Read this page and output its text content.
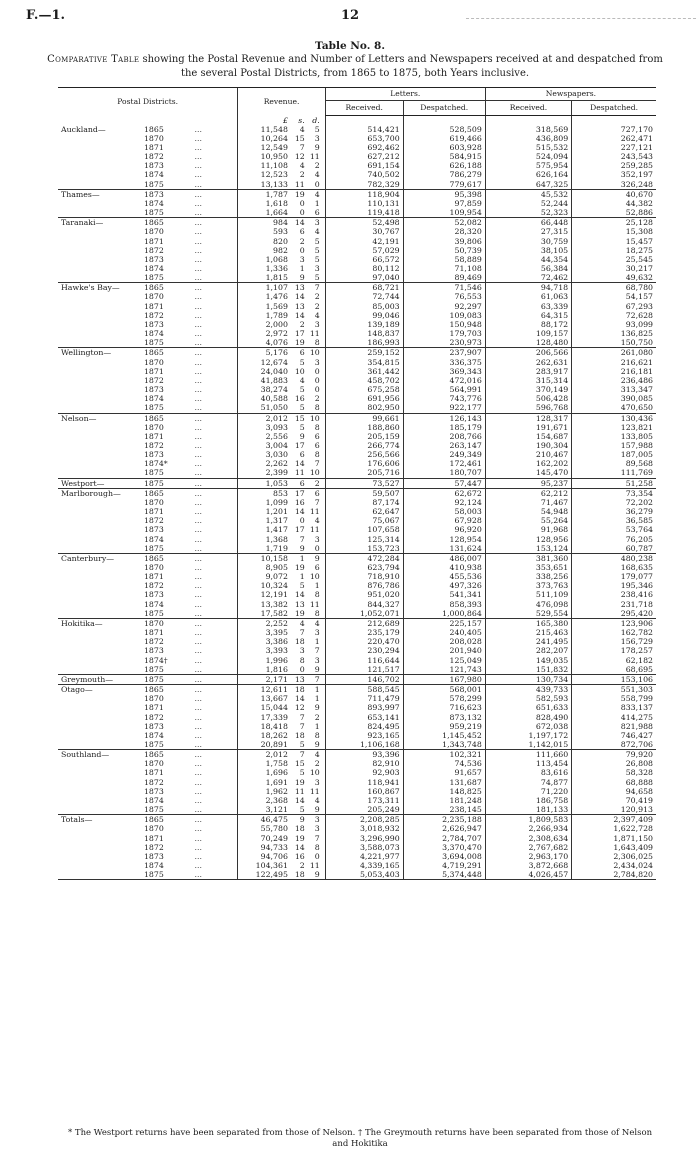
F.—1.	12
Table No. 8.
Comparative Table showing the Postal Revenue and Number of Letters and Newspapers received at and despatched from the several Postal Districts, from 1865 to 1875, both Years inclusive.
Postal Districts.				Revenue.			Letters.		Newspapers.	
							Received.	Despatched.	Received.	Despatched.
				£	s.	d.				
Auckland—		1865	...	11,548	4	5	514,421	528,509	318,569	727,170
		1870	...	10,264	15	3	653,700	619,466	436,809	262,471
		1871	...	12,549	7	9	692,462	603,928	515,532	227,121
		1872	...	10,950	12	11	627,212	584,915	524,094	243,543
		1873	...	11,108	4	2	691,154	626,188	575,954	259,285
		1874	...	12,523	2	4	740,502	786,279	626,164	352,197
		1875	...	13,133	11	0	782,329	779,617	647,325	326,248
Thames—		1873	...	1,787	19	4	118,904	95,398	45,532	40,670
		1874	...	1,618	0	1	110,131	97,859	52,244	44,382
		1875	...	1,664	0	6	119,418	109,954	52,323	52,886
Taranaki—		1865	...	984	14	3	52,498	52,082	66,448	25,128
		1870	...	593	6	4	30,767	28,320	27,315	15,308
		1871	...	820	2	5	42,191	39,806	30,759	15,457
		1872	...	982	0	5	57,029	50,739	38,105	18,275
		1873	...	1,068	3	5	66,572	58,889	44,354	25,545
		1874	...	1,336	1	3	80,112	71,108	56,384	30,217
		1875	...	1,815	9	5	97,040	89,469	72,462	49,632
Hawke's Bay—		1865	...	1,107	13	7	68,721	71,546	94,718	68,780
		1870	...	1,476	14	2	72,744	76,553	61,063	54,157
		1871	...	1,569	13	2	85,003	92,297	63,339	67,293
		1872	...	1,789	14	4	99,046	109,083	64,315	72,628
		1873	...	2,000	2	3	139,189	150,948	88,172	93,099
		1874	...	2,972	17	11	148,837	179,703	109,157	136,825
		1875	...	4,076	19	8	186,993	230,973	128,480	150,750
Wellington—		1865	...	5,176	6	10	259,152	237,907	206,566	261,080
		1870	...	12,674	5	3	354,815	336,375	262,631	216,621
		1871	...	24,040	10	0	361,442	369,343	283,917	216,181
		1872	...	41,883	4	0	458,702	472,016	315,314	236,486
		1873	...	38,274	5	0	675,258	564,991	370,149	313,347
		1874	...	40,588	16	2	691,956	743,776	506,428	390,085
		1875	...	51,050	5	8	802,950	922,177	596,768	470,650
Nelson—		1865	...	2,012	15	10	99,661	126,143	128,317	130,436
		1870	...	3,093	5	8	188,860	185,179	191,671	123,821
		1871	...	2,556	9	6	205,159	208,766	154,687	133,805
		1872	...	3,004	17	6	266,774	263,147	190,304	157,988
		1873	...	3,030	6	8	256,566	249,349	210,467	187,005
		1874*	...	2,262	14	7	176,606	172,461	162,202	89,568
		1875	...	2,399	11	10	205,716	180,707	145,470	111,769
Westport—		1875	...	1,053	6	2	73,527	57,447	95,237	51,258
Marlborough—		1865	...	853	17	6	59,507	62,672	62,212	73,354
		1870	...	1,099	16	7	87,174	92,124	71,467	72,202
		1871	...	1,201	14	11	62,647	58,003	54,948	36,279
		1872	...	1,317	0	4	75,067	67,928	55,264	36,585
		1873	...	1,417	17	11	107,658	96,920	91,968	53,764
		1874	...	1,368	7	3	125,314	128,954	128,956	76,205
		1875	...	1,719	9	0	153,723	131,624	153,124	60,787
Canterbury—		1865	...	10,158	1	9	472,284	486,007	381,360	480,238
		1870	...	8,905	19	6	623,794	410,938	353,651	168,635
		1871	...	9,072	1	10	718,910	455,536	338,256	179,077
		1872	...	10,324	5	1	876,786	497,326	373,763	195,346
		1873	...	12,191	14	8	951,020	541,341	511,109	238,416
		1874	...	13,382	13	11	844,327	858,393	476,098	231,718
		1875	...	17,582	19	8	1,052,071	1,000,864	529,554	295,420
Hokitika—		1870	...	2,252	4	4	212,689	225,157	165,380	123,906
		1871	...	3,395	7	3	235,179	240,405	215,463	162,782
		1872	...	3,386	18	1	220,470	208,028	241,495	156,729
		1873	...	3,393	3	7	230,294	201,940	282,207	178,257
		1874†	...	1,996	8	3	116,644	125,049	149,035	62,182
		1875	...	1,816	0	9	121,517	121,743	151,832	68,695
Greymouth—		1875	...	2,171	13	7	146,702	167,980	130,734	153,106
Otago—		1865	...	12,611	18	1	588,545	568,001	439,733	551,303
		1870	...	13,667	14	1	711,479	578,299	582,593	558,799
		1871	...	15,044	12	9	893,997	716,623	651,633	833,137
		1872	...	17,339	7	2	653,141	873,132	828,490	414,275
		1873	...	18,418	7	1	824,495	959,219	672,038	821,988
		1874	...	18,262	18	8	923,165	1,145,452	1,197,172	746,427
		1875	...	20,891	5	9	1,106,168	1,343,748	1,142,015	872,706
Southland—		1865	...	2,012	7	4	93,396	102,321	111,660	79,920
		1870	...	1,758	15	2	82,910	74,536	113,454	26,808
		1871	...	1,696	5	10	92,903	91,657	83,616	58,328
		1872	...	1,691	19	3	118,941	131,687	74,877	68,888
		1873	...	1,962	11	11	160,867	148,825	71,220	94,658
		1874	...	2,368	14	4	173,311	181,248	186,758	70,419
		1875	...	3,121	5	9	205,249	238,145	181,133	120,913
Totals—		1865	...	46,475	9	3	2,208,285	2,235,188	1,809,583	2,397,409
		1870	...	55,780	18	3	3,018,932	2,626,947	2,266,934	1,622,728
		1871	...	70,249	19	7	3,296,990	2,784,707	2,308,634	1,871,150
		1872	...	94,733	14	8	3,588,073	3,370,470	2,767,682	1,643,409
		1873	...	94,706	16	0	4,221,977	3,694,008	2,963,170	2,306,025
		1874	...	104,361	2	11	4,339,165	4,719,291	3,872,668	2,434,024
		1875	...	122,495	18	9	5,053,403	5,374,448	4,026,457	2,784,820
* The Westport returns have been separated from those of Nelson. † The Greymouth returns have been separated from those of Nelson and Hokitika
